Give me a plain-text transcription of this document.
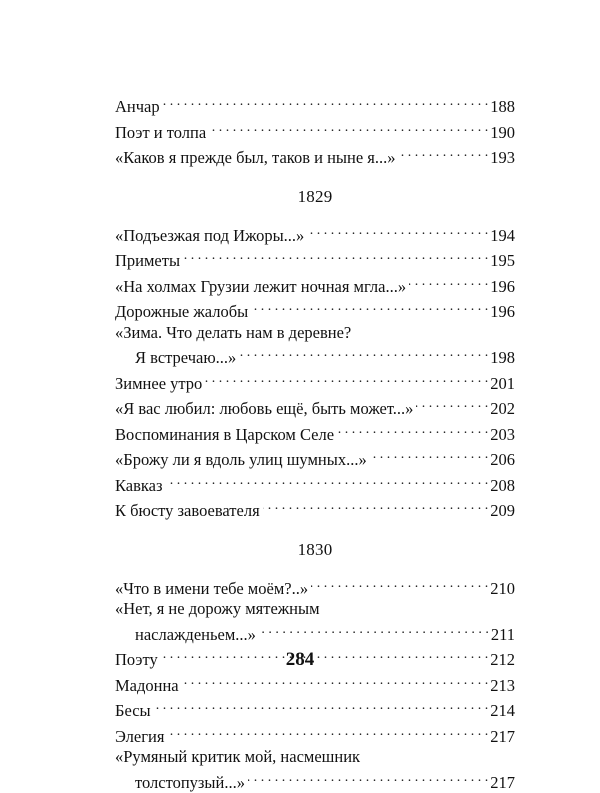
Анчар . . .	188
Поэт и толпа . . .	190
«Каков я прежде был, таков и ныне я...» . . .	193
1829
«Подъезжая под Ижоры...» . . .	194
Приметы . . .	195
«На холмах Грузии лежит ночная мгла...» . . .	196
Дорожные жалобы . . .	196
«Зима. Что делать нам в деревне?
Я встречаю...» . . .	198
Зимнее утро . . .	201
«Я вас любил: любовь ещё, быть может...» . . .	202
Воспоминания в Царском Селе . . .	203
«Брожу ли я вдоль улиц шумных...» . . .	206
Кавказ . . .	208
К бюсту завоевателя . . .	209
1830
«Что в имени тебе моём?..» . . .	210
«Нет, я не дорожу мятежным
наслажденьем...» . . .	211
Поэту . . .	212
Мадонна . . .	213
Бесы . . .	214
Элегия . . .	217
«Румяный критик мой, насмешник
толстопузый...» . . .	217
284
